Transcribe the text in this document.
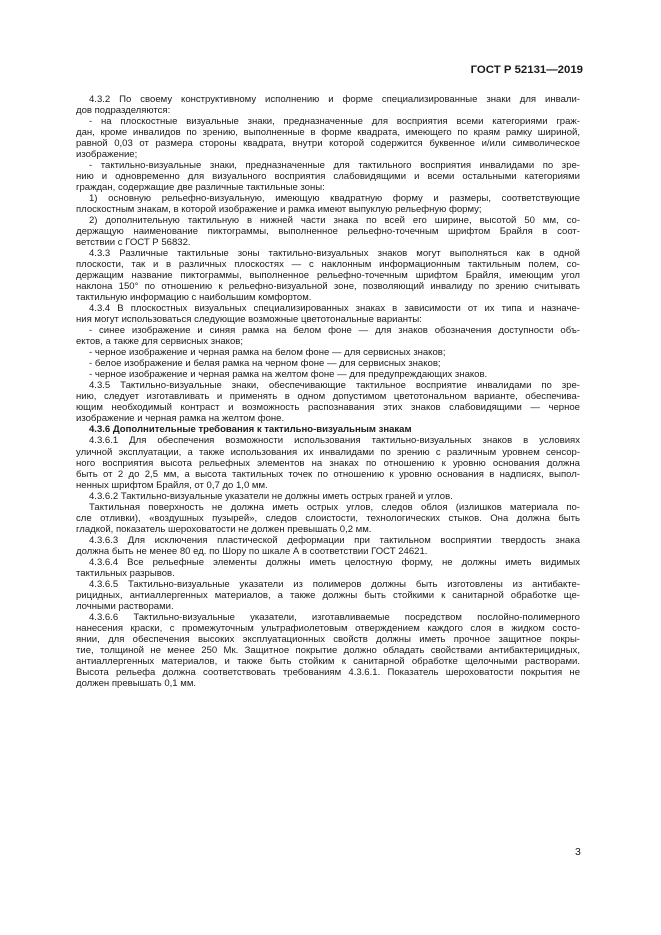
ГОСТ Р 52131—2019
4.3.2 По своему конструктивному исполнению и форме специализированные знаки для инвали-
дов подразделяются:
- на плоскостные визуальные знаки, предназначенные для восприятия всеми категориями граж-
дан, кроме инвалидов по зрению, выполненные в форме квадрата, имеющего по краям рамку шириной,
равной 0,03 от размера стороны квадрата, внутри которой содержится буквенное и/или символическое
изображение;
- тактильно-визуальные знаки, предназначенные для тактильного восприятия инвалидами по зре-
нию и одновременно для визуального восприятия слабовидящими и всеми остальными категориями
граждан, содержащие две различные тактильные зоны:
1) основную рельефно-визуальную, имеющую квадратную форму и размеры, соответствующие
плоскостным знакам, в которой изображение и рамка имеют выпуклую рельефную форму;
2) дополнительную тактильную в нижней части знака по всей его ширине, высотой 50 мм, со-
держащую наименование пиктограммы, выполненное рельефно-точечным шрифтом Брайля в соот-
ветствии с ГОСТ Р 56832.
4.3.3 Различные тактильные зоны тактильно-визуальных знаков могут выполняться как в одной
плоскости, так и в различных плоскостях — с наклонным информационным тактильным полем, со-
держащим название пиктограммы, выполненное рельефно-точечным шрифтом Брайля, имеющим угол
наклона 150° по отношению к рельефно-визуальной зоне, позволяющий инвалиду по зрению считывать
тактильную информацию с наибольшим комфортом.
4.3.4 В плоскостных визуальных специализированных знаках в зависимости от их типа и назначе-
ния могут использоваться следующие возможные цветотональные варианты:
- синее изображение и синяя рамка на белом фоне — для знаков обозначения доступности объ-
ектов, а также для сервисных знаков;
- черное изображение и черная рамка на белом фоне — для сервисных знаков;
- белое изображение и белая рамка на черном фоне — для сервисных знаков;
- черное изображение и черная рамка на желтом фоне — для предупреждающих знаков.
4.3.5 Тактильно-визуальные знаки, обеспечивающие тактильное восприятие инвалидами по зре-
нию, следует изготавливать и применять в одном допустимом цветотональном варианте, обеспечива-
ющим необходимый контраст и возможность распознавания этих знаков слабовидящими — черное
изображение и черная рамка на желтом фоне.
4.3.6 Дополнительные требования к тактильно-визуальным знакам
4.3.6.1 Для обеспечения возможности использования тактильно-визуальных знаков в условиях
уличной эксплуатации, а также использования их инвалидами по зрению с различным уровнем сенсор-
ного восприятия высота рельефных элементов на знаках по отношению к уровню основания должна
быть от 2 до 2,5 мм, а высота тактильных точек по отношению к уровню основания в надписях, выпол-
ненных шрифтом Брайля, от 0,7 до 1,0 мм.
4.3.6.2 Тактильно-визуальные указатели не должны иметь острых граней и углов.
Тактильная поверхность не должна иметь острых углов, следов облоя (излишков материала по-
сле отливки), «воздушных пузырей», следов слоистости, технологических стыков. Она должна быть
гладкой, показатель шероховатости не должен превышать 0,2 мм.
4.3.6.3 Для исключения пластической деформации при тактильном восприятии твердость знака
должна быть не менее 80 ед. по Шору по шкале А в соответствии ГОСТ 24621.
4.3.6.4 Все рельефные элементы должны иметь целостную форму, не должны иметь видимых
тактильных разрывов.
4.3.6.5 Тактильно-визуальные указатели из полимеров должны быть изготовлены из антибакте-
рицидных, антиаллергенных материалов, а также должны быть стойкими к санитарной обработке ще-
лочными растворами.
4.3.6.6 Тактильно-визуальные указатели, изготавливаемые посредством послойно-полимерного
нанесения краски, с промежуточным ультрафиолетовым отверждением каждого слоя в жидком состо-
янии, для обеспечения высоких эксплуатационных свойств должны иметь прочное защитное покры-
тие, толщиной не менее 250 Мк. Защитное покрытие должно обладать свойствами антибактерицидных,
антиаллергенных материалов, и также быть стойким к санитарной обработке щелочными растворами.
Высота рельефа должна соответствовать требованиям 4.3.6.1. Показатель шероховатости покрытия не
должен превышать 0,1 мм.
3
